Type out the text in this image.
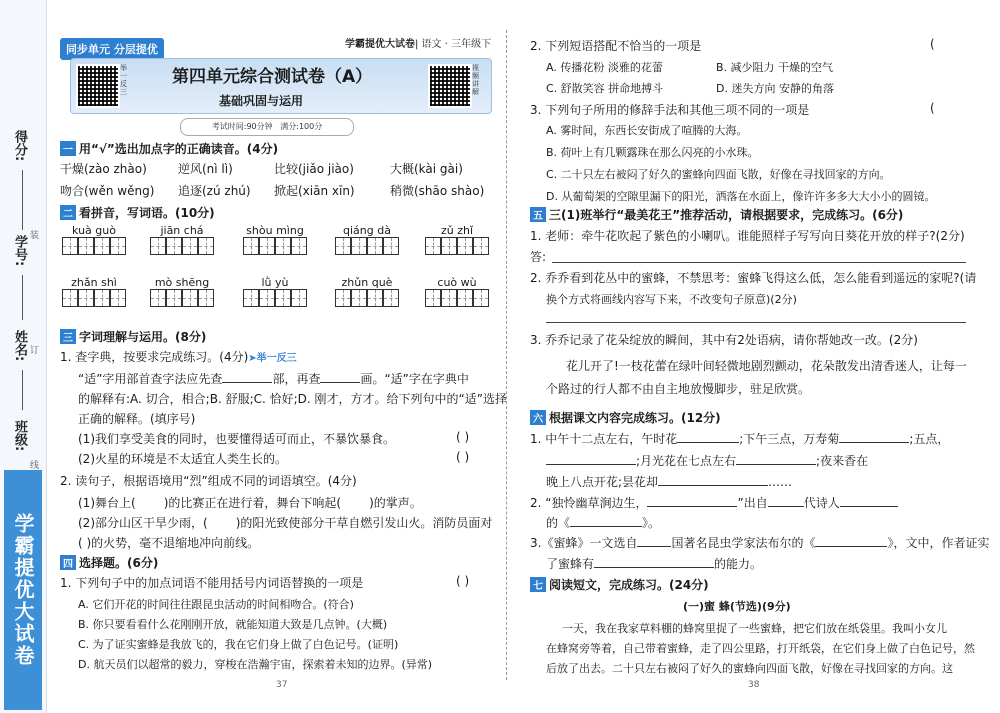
得分:
学号:
姓名:
班级:
装
订
线
学霸提优大试卷
同步单元 分层提优	学霸提优大试卷| 语文 · 三年级下
举一反三
视频讲解
第四单元综合测试卷（A）
基础巩固与运用
考试时间:90分钟 满分:100分
一 用“√”选出加点字的正确读音。(4分)
干燥(zào zhào)	逆风(nì lì)	比较(jiǎo jiào)	大概(kài gài)
吻合(wěn wěng) 追逐(zú zhú) 掀起(xiān xīn)	稍微(shāo shào)
二 看拼音，写词语。(10分)
kuà guò	jiān chá	shòu mìng	qiáng dà	zǔ zhǐ
zhǎn shì	mò shēng	lǜ yù	zhǔn què	cuò wù
三 字词理解与运用。(8分)
1. 查字典，按要求完成练习。(4分)➤举一反三
“适”字用部首查字法应先查	部，再查	画。“适”字在字典中
的解释有:A. 切合，相合;B. 舒服;C. 恰好;D. 刚才，方才。给下列句中的“适”选择
正确的解释。(填序号)
(1)我们享受美食的同时，也要懂得适可而止，不暴饮暴食。	( )
(2)火星的环境是不太适宜人类生长的。	( )
2. 读句子，根据语境用“烈”组成不同的词语填空。(4分)
(1)舞台上( )的比赛正在进行着，舞台下响起( )的掌声。
(2)部分山区干旱少雨，( )的阳光致使部分干草自燃引发山火。消防员面对
( )的火势，毫不退缩地冲向前线。
四 选择题。(6分)
1. 下列句子中的加点词语不能用括号内词语替换的一项是	( )
A. 它们开花的时间往往跟昆虫活动的时间相吻合。(符合)
B. 你只要看看什么花刚刚开放，就能知道大致是几点钟。(大概)
C. 为了证实蜜蜂是我放飞的，我在它们身上做了白色记号。(证明)
D. 航天员们以超常的毅力，穿梭在浩瀚宇宙，探索着未知的边界。(异常)
37
2. 下列短语搭配不恰当的一项是	(
A. 传播花粉 淡雅的花蕾	B. 减少阻力 干燥的空气
C. 舒散笑容 拼命地搏斗	D. 迷失方向 安静的角落
3. 下列句子所用的修辞手法和其他三项不同的一项是	(
A. 雾时间，东西长安街成了喧腾的大海。
B. 荷叶上有几颗露珠在那么闪亮的小水珠。
C. 二十只左右被闷了好久的蜜蜂向四面飞散，好像在寻找回家的方向。
D. 从葡萄架的空隙里漏下的阳光，洒落在水面上，像许许多多大大小小的圆镜。
五 三(1)班举行“最美花王”推荐活动，请根据要求，完成练习。(6分)
1. 老师：牵牛花吹起了紫色的小喇叭。谁能照样子写写向日葵花开放的样子?(2分)
答:
2. 乔乔看到花丛中的蜜蜂，不禁思考：蜜蜂飞得这么低，怎么能看到遥远的家呢?(请
换个方式将画线内容写下来，不改变句子原意)(2分)
3. 乔乔记录了花朵绽放的瞬间，其中有2处语病，请你帮她改一改。(2分)
花儿开了!一枝花蕾在绿叶间轻微地剧烈颤动，花朵散发出清香迷人，让每一
个路过的行人都不由自主地放慢脚步，驻足欣赏。
六 根据课文内容完成练习。(12分)
1. 中午十二点左右，午时花	;下午三点，万寿菊	;五点，
;月光花在七点左右	;夜来香在
晚上八点开花;昙花却	……
2. “独怜幽草涧边生，	”出自	代诗人
的《	》。
3.《蜜蜂》一文选自	国著名昆虫学家法布尔的《	》，文中，作者证实
了蜜蜂有	的能力。
七 阅读短文，完成练习。(24分)
(一)蜜 蜂(节选)(9分)
一天，我在我家草料棚的蜂窝里捉了一些蜜蜂，把它们放在纸袋里。我叫小女儿
在蜂窝旁等着，自己带着蜜蜂，走了四公里路，打开纸袋，在它们身上做了白色记号，然
后放了出去。二十只左右被闷了好久的蜜蜂向四面飞散，好像在寻找回家的方向。这
38
